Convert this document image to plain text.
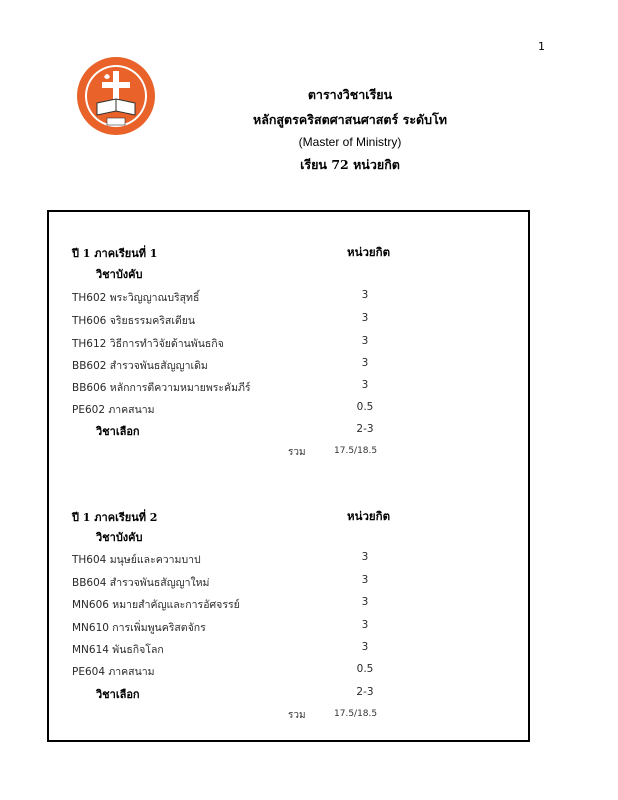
1
ตารางวิชาเรียน
หลักสูตรคริสตศาสนศาสตร์ ระดับโท
(Master of Ministry)
เรียน 72 หน่วยกิต
ปี 1 ภาคเรียนที่ 1	หน่วยกิต
วิชาบังคับ
TH602 พระวิญญาณบริสุทธิ์	3
TH606 จริยธรรมคริสเตียน	3
TH612 วิธีการทำวิจัยด้านพันธกิจ	3
BB602 สำรวจพันธสัญญาเดิม	3
BB606 หลักการตีความหมายพระคัมภีร์	3
PE602 ภาคสนาม	0.5
วิชาเลือก	2-3
รวม	17.5/18.5
ปี 1 ภาคเรียนที่ 2	หน่วยกิต
วิชาบังคับ
TH604 มนุษย์และความบาป	3
BB604 สำรวจพันธสัญญาใหม่	3
MN606 หมายสำคัญและการอัศจรรย์	3
MN610 การเพิ่มพูนคริสตจักร	3
MN614 พันธกิจโลก	3
PE604 ภาคสนาม	0.5
วิชาเลือก	2-3
รวม	17.5/18.5
